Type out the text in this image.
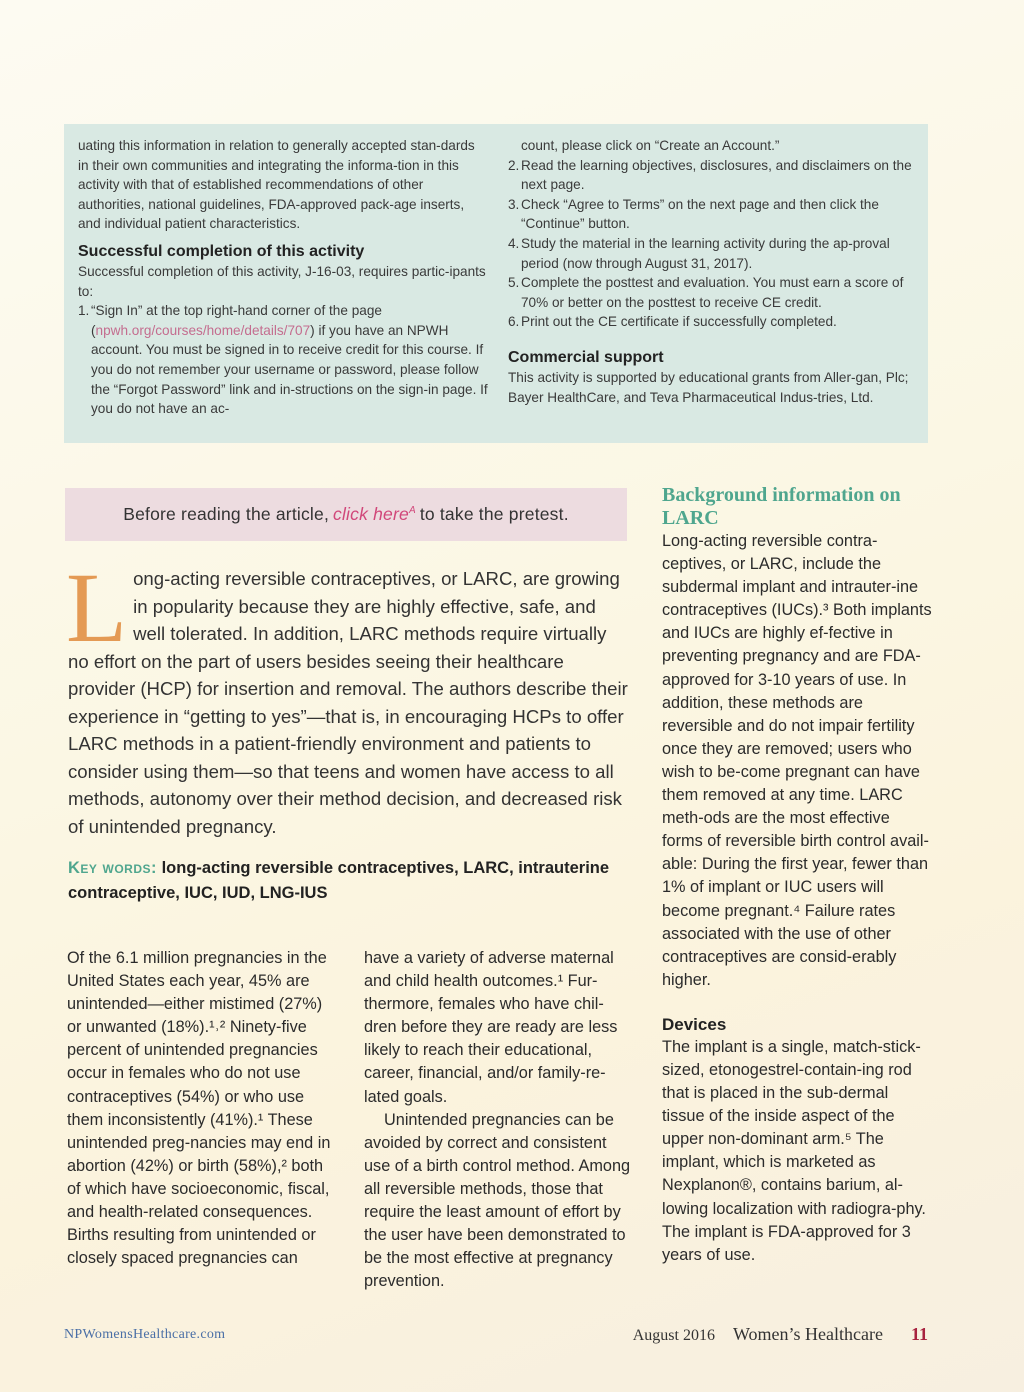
uating this information in relation to generally accepted stan-dards in their own communities and integrating the informa-tion in this activity with that of established recommendations of other authorities, national guidelines, FDA-approved pack-age inserts, and individual patient characteristics.

Successful completion of this activity

Successful completion of this activity, J-16-03, requires partic-ipants to:

1. “Sign In” at the top right-hand corner of the page (npwh.org/courses/home/details/707) if you have an NPWH account. You must be signed in to receive credit for this course. If you do not remember your username or password, please follow the “Forgot Password” link and in-structions on the sign-in page. If you do not have an ac-
count, please click on “Create an Account.”
2. Read the learning objectives, disclosures, and disclaimers on the next page.
3. Check “Agree to Terms” on the next page and then click the “Continue” button.
4. Study the material in the learning activity during the ap-proval period (now through August 31, 2017).
5. Complete the posttest and evaluation. You must earn a score of 70% or better on the posttest to receive CE credit.
6. Print out the CE certificate if successfully completed.
Commercial support

This activity is supported by educational grants from Aller-gan, Plc; Bayer HealthCare, and Teva Pharmaceutical Indus-tries, Ltd.

Before reading the article, click here$^A$ to take the pretest.
L ong-acting reversible contraceptives, or LARC, are growing in popularity because they are highly effective, safe, and well tolerated. In addition, LARC methods require virtually no effort on the part of users besides seeing their healthcare provider (HCP) for insertion and removal. The authors describe their experience in “getting to yes”—that is, in encouraging HCPs to offer LARC methods in a patient-friendly environment and patients to consider using them—so that teens and women have access to all methods, autonomy over their method decision, and decreased risk of unintended pregnancy.

Key words: long-acting reversible contraceptives, LARC, intrauterine contraceptive, IUC, IUD, LNG-IUS

Of the 6.1 million pregnancies in the United States each year, 45% are unintended—either mistimed (27%) or unwanted (18%).¹˒² Ninety-five percent of unintended pregnancies occur in females who do not use contraceptives (54%) or who use them inconsistently (41%).¹ These unintended preg-nancies may end in abortion (42%) or birth (58%),² both of which have socioeconomic, fiscal, and health-related consequences. Births resulting from unintended or closely spaced pregnancies can

have a variety of adverse maternal and child health outcomes.¹ Fur-thermore, females who have chil-dren before they are ready are less likely to reach their educational, career, financial, and/or family-re-lated goals.

Unintended pregnancies can be avoided by correct and consistent use of a birth control method. Among all reversible methods, those that require the least amount of effort by the user have been demonstrated to be the most effective at pregnancy prevention.

Background information on LARC

Long-acting reversible contra-ceptives, or LARC, include the subdermal implant and intrauter-ine contraceptives (IUCs).³ Both implants and IUCs are highly ef-fective in preventing pregnancy and are FDA-approved for 3-10 years of use. In addition, these methods are reversible and do not impair fertility once they are removed; users who wish to be-come pregnant can have them removed at any time. LARC meth-ods are the most effective forms of reversible birth control avail-able: During the first year, fewer than 1% of implant or IUC users will become pregnant.⁴ Failure rates associated with the use of other contraceptives are consid-erably higher.

Devices

The implant is a single, match-stick-sized, etonogestrel-contain-ing rod that is placed in the sub-dermal tissue of the inside aspect of the upper non-dominant arm.⁵ The implant, which is marketed as Nexplanon®, contains barium, al-lowing localization with radiogra-phy. The implant is FDA-approved for 3 years of use.

NPWomensHealthcare.com	August 2016 Women’s Healthcare 11
